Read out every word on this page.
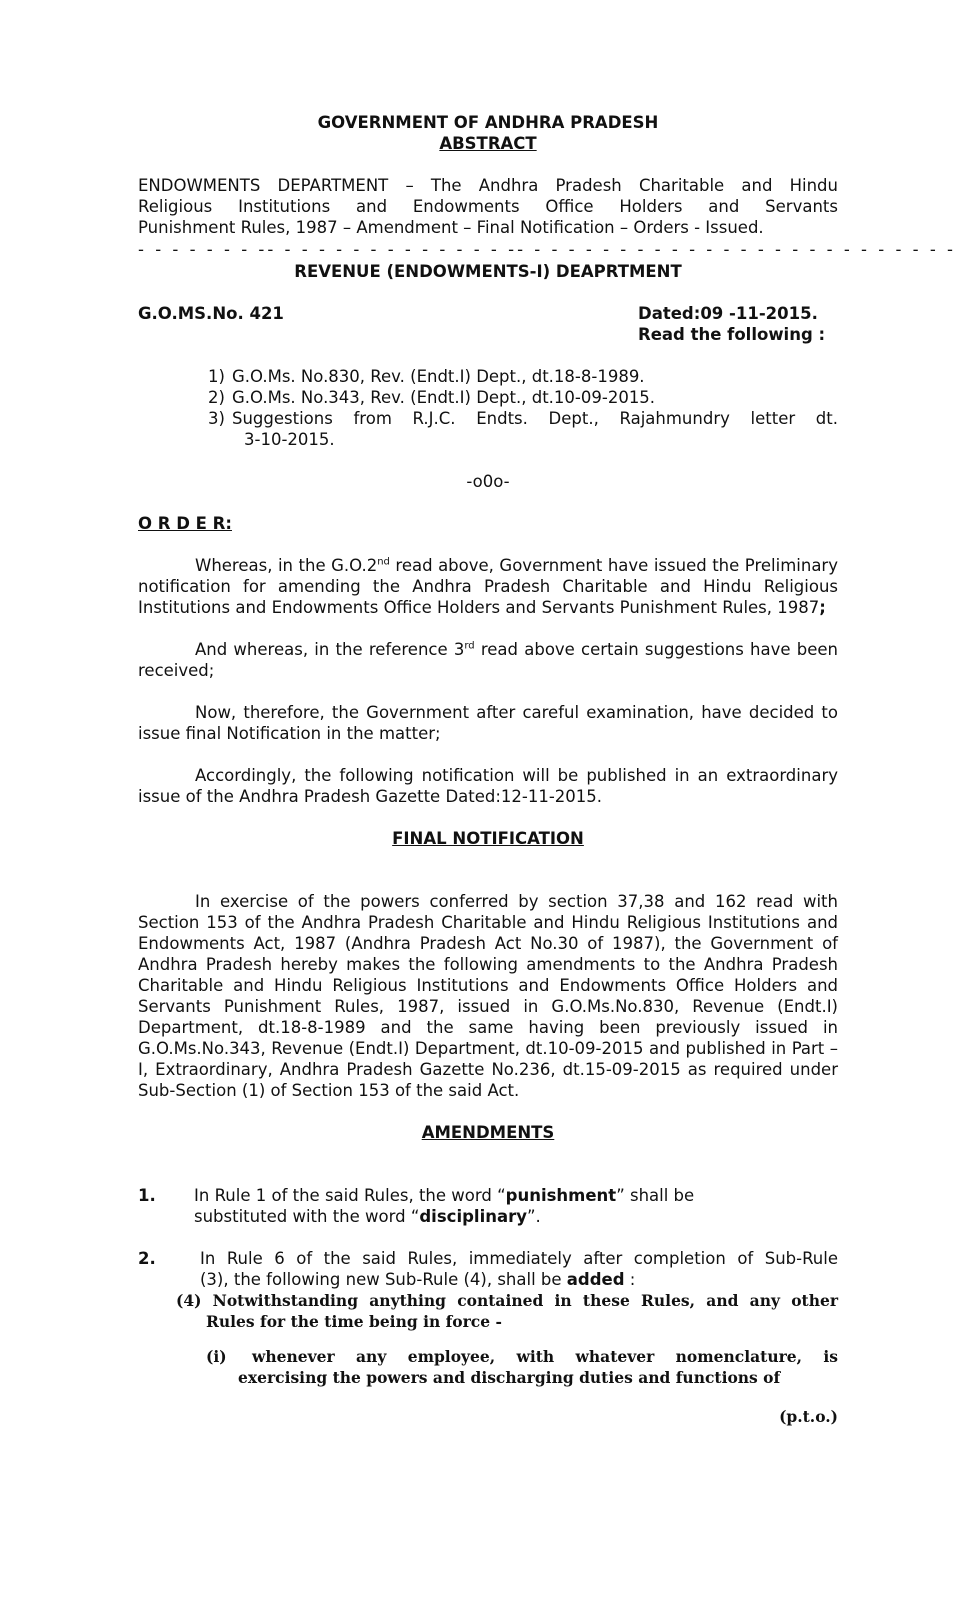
GOVERNMENT OF ANDHRA PRADESH

ABSTRACT

ENDOWMENTS DEPARTMENT – The Andhra Pradesh Charitable and Hindu

Religious Institutions and Endowments Office Holders and Servants

Punishment Rules, 1987 – Amendment – Final Notification – Orders - Issued.

- - - - - - - -- - - - - - - - - - - - - - -- - - - - - - - - - - - - - - - - - - - - - - - - -

REVENUE (ENDOWMENTS-I) DEAPRTMENT

G.O.MS.No. 421	Dated:09 -11-2015.
Read the following :
1) G.O.Ms. No.830, Rev. (Endt.I) Dept., dt.18-8-1989.
2) G.O.Ms. No.343, Rev. (Endt.I) Dept., dt.10-09-2015.
3) Suggestions from R.J.C. Endts. Dept., Rajahmundry letter dt.
3-10-2015.

-o0o-

O R D E R:

Whereas, in the G.O.2nd read above, Government have issued the Preliminary notification for amending the Andhra Pradesh Charitable and Hindu Religious Institutions and Endowments Office Holders and Servants Punishment Rules, 1987;

And whereas, in the reference 3rd read above certain suggestions have been received;

Now, therefore, the Government after careful examination, have decided to issue final Notification in the matter;

Accordingly, the following notification will be published in an extraordinary issue of the Andhra Pradesh Gazette Dated:12-11-2015.

FINAL NOTIFICATION

In exercise of the powers conferred by section 37,38 and 162 read with Section 153 of the Andhra Pradesh Charitable and Hindu Religious Institutions and Endowments Act, 1987 (Andhra Pradesh Act No.30 of 1987), the Government of Andhra Pradesh hereby makes the following amendments to the Andhra Pradesh Charitable and Hindu Religious Institutions and Endowments Office Holders and Servants Punishment Rules, 1987, issued in G.O.Ms.No.830, Revenue (Endt.I) Department, dt.18-8-1989 and the same having been previously issued in G.O.Ms.No.343, Revenue (Endt.I) Department, dt.10-09-2015 and published in Part –I, Extraordinary, Andhra Pradesh Gazette No.236, dt.15-09-2015 as required under Sub-Section (1) of Section 153 of the said Act.

AMENDMENTS

1.	In Rule 1 of the said Rules, the word “punishment” shall be

substituted with the word “disciplinary”.

2.	In Rule 6 of the said Rules, immediately after completion of Sub-Rule

(3), the following new Sub-Rule (4), shall be added :

(4) Notwithstanding anything contained in these Rules, and any other

Rules for the time being in force -

(i)	whenever any employee, with whatever nomenclature, is

exercising the powers and discharging duties and functions of

(p.t.o.)
